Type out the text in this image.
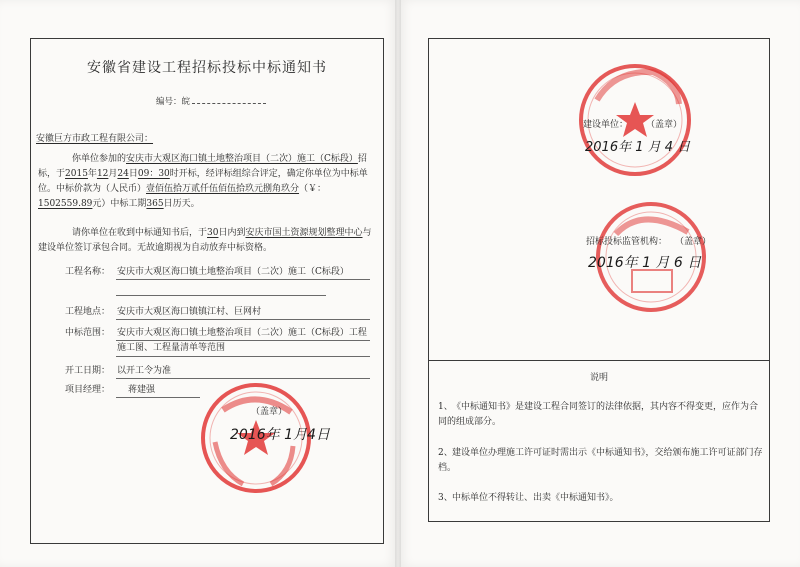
安徽省建设工程招标投标中标通知书
编号：皖
安徽巨方市政工程有限公司：
你单位参加的安庆市大观区海口镇土地整治项目（二次）施工（C标段）招标，于2015年12月24日09：30时开标，经评标组综合评定，确定你单位为中标单位。中标价款为（人民币）壹佰伍拾万贰仟伍佰伍拾玖元捌角玖分（￥：1502559.89元）中标工期365日历天。
请你单位在收到中标通知书后，于30日内到安庆市国土资源规划整理中心与建设单位签订承包合同。无故逾期视为自动放弃中标资格。
工程名称： 安庆市大观区海口镇土地整治项目（二次）施工（C标段）
工程地点： 安庆市大观区海口镇镇江村、巨网村
中标范围： 安庆市大观区海口镇土地整治项目（二次）施工（C标段）工程施工图、工程量清单等范围
开工日期： 以开工令为准
项目经理： 蒋建强
（盖章）
2016年 1月4日
建设单位： （盖章）
2016年 1 月 4 日
招标投标监管机构： （盖章）
2016年 1 月 6 日
说明
1、《中标通知书》是建设工程合同签订的法律依据，其内容不得变更，应作为合同的组成部分。
2、建设单位办理施工许可证时需出示《中标通知书》，交给颁布施工许可证部门存档。
3、中标单位不得转让、出卖《中标通知书》。
